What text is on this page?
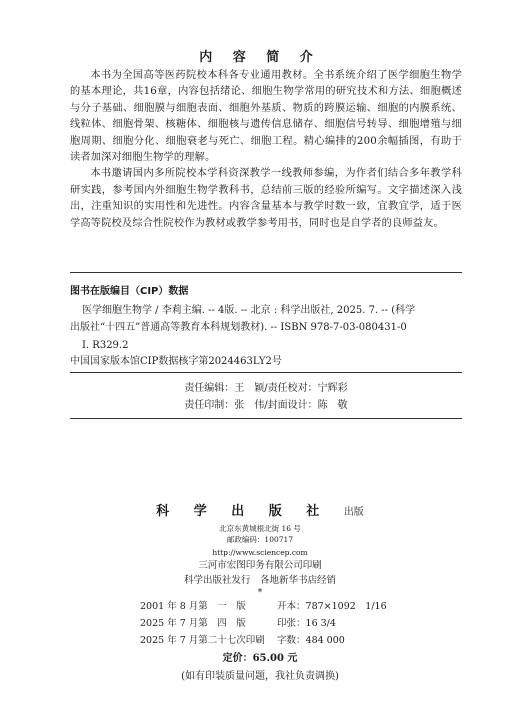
内 容 简 介

本书为全国高等医药院校本科各专业通用教材。全书系统介绍了医学细胞生物学的基本理论，共16章，内容包括绪论、细胞生物学常用的研究技术和方法、细胞概述与分子基础、细胞膜与细胞表面、细胞外基质、物质的跨膜运输、细胞的内膜系统、线粒体、细胞骨架、核糖体、细胞核与遗传信息储存、细胞信号转导、细胞增殖与细胞周期、细胞分化、细胞衰老与死亡、细胞工程。精心编排的200余幅插图，有助于读者加深对细胞生物学的理解。

本书邀请国内多所院校本学科资深教学一线教师参编，为作者们结合多年教学科研实践，参考国内外细胞生物学教科书，总结前三版的经验所编写。文字描述深入浅出，注重知识的实用性和先进性。内容含量基本与教学时数一致，宜教宜学，适于医学高等院校及综合性院校作为教材或教学参考用书，同时也是自学者的良师益友。

图书在版编目（CIP）数据
医学细胞生物学 / 李莉主编. -- 4版. -- 北京 : 科学出版社, 2025. 7. -- (科学
出版社“十四五”普通高等教育本科规划教材). -- ISBN 978-7-03-080431-0
Ⅰ. R329.2
中国国家版本馆CIP数据核字第2024463LY2号
责任编辑：王　颖/责任校对：宁辉彩
责任印制：张　伟/封面设计：陈　敬
科 学 出 版 社 出版
北京东黄城根北街 16 号
邮政编码：100717
http://www.sciencep.com
三河市宏图印务有限公司印刷
科学出版社发行　各地新华书店经销
*
2001 年 8 月第　一　版	开本：787×1092　1/16
2025 年 7 月第　四　版	印张：16 3/4
2025 年 7 月第二十七次印刷 字数：484 000
定价：65.00 元
(如有印装质量问题，我社负责调换)
